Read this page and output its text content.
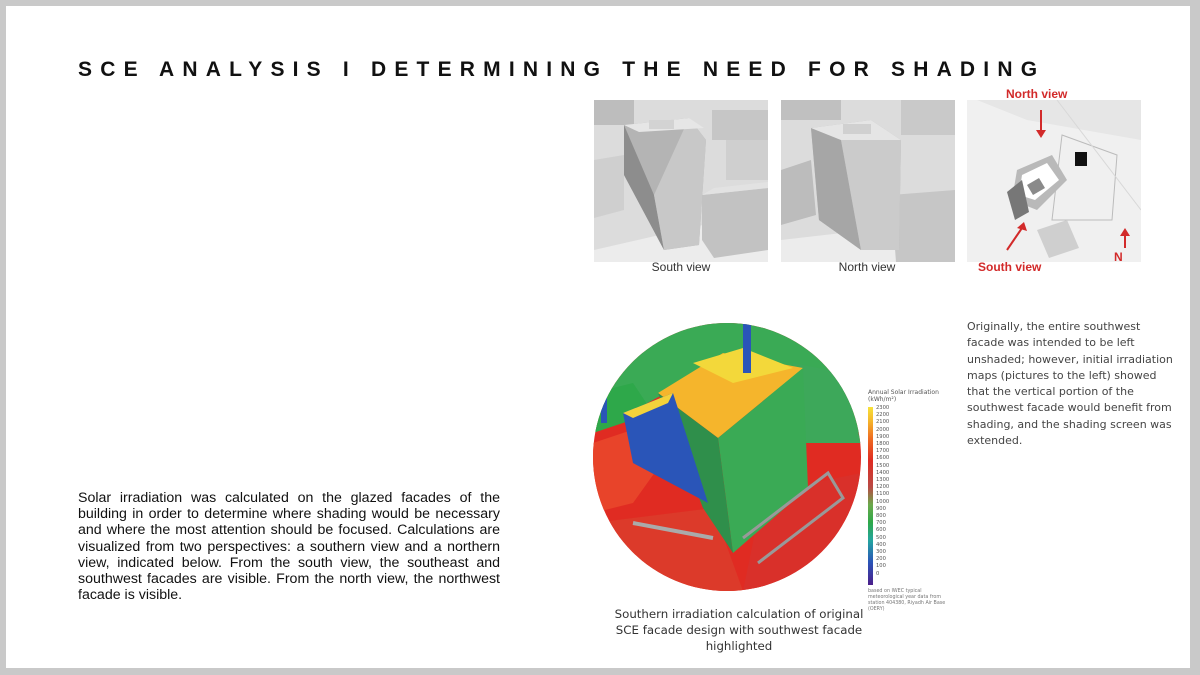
SCE ANALYSIS I DETERMINING THE NEED FOR SHADING
South view	North view
North view
South view
N
Originally, the entire southwest facade was intended to be left unshaded; however, initial irradiation maps (pictures to the left) showed that the vertical portion of the southwest facade would benefit from shading, and the shading screen was extended.
Solar irradiation was calculated on the glazed facades of the building in order to determine where shading would be necessary and where the most attention should be focused. Calculations are visualized from two perspectives: a southern view and a northern view, indicated below. From the south view, the southeast and southwest facades are visible. From the north view, the northwest facade is visible.
Annual Solar Irradiation
(kWh/m²)
2300
2200
2100
2000
1900
1800
1700
1600
1500
1400
1300
1200
1100
1000
900
800
700
600
500
400
300
200
100
0
based on IWEC typical meteorological year data from station 404380, Riyadh Air Base (OERY)
Southern irradiation calculation of original SCE facade design with southwest facade highlighted
